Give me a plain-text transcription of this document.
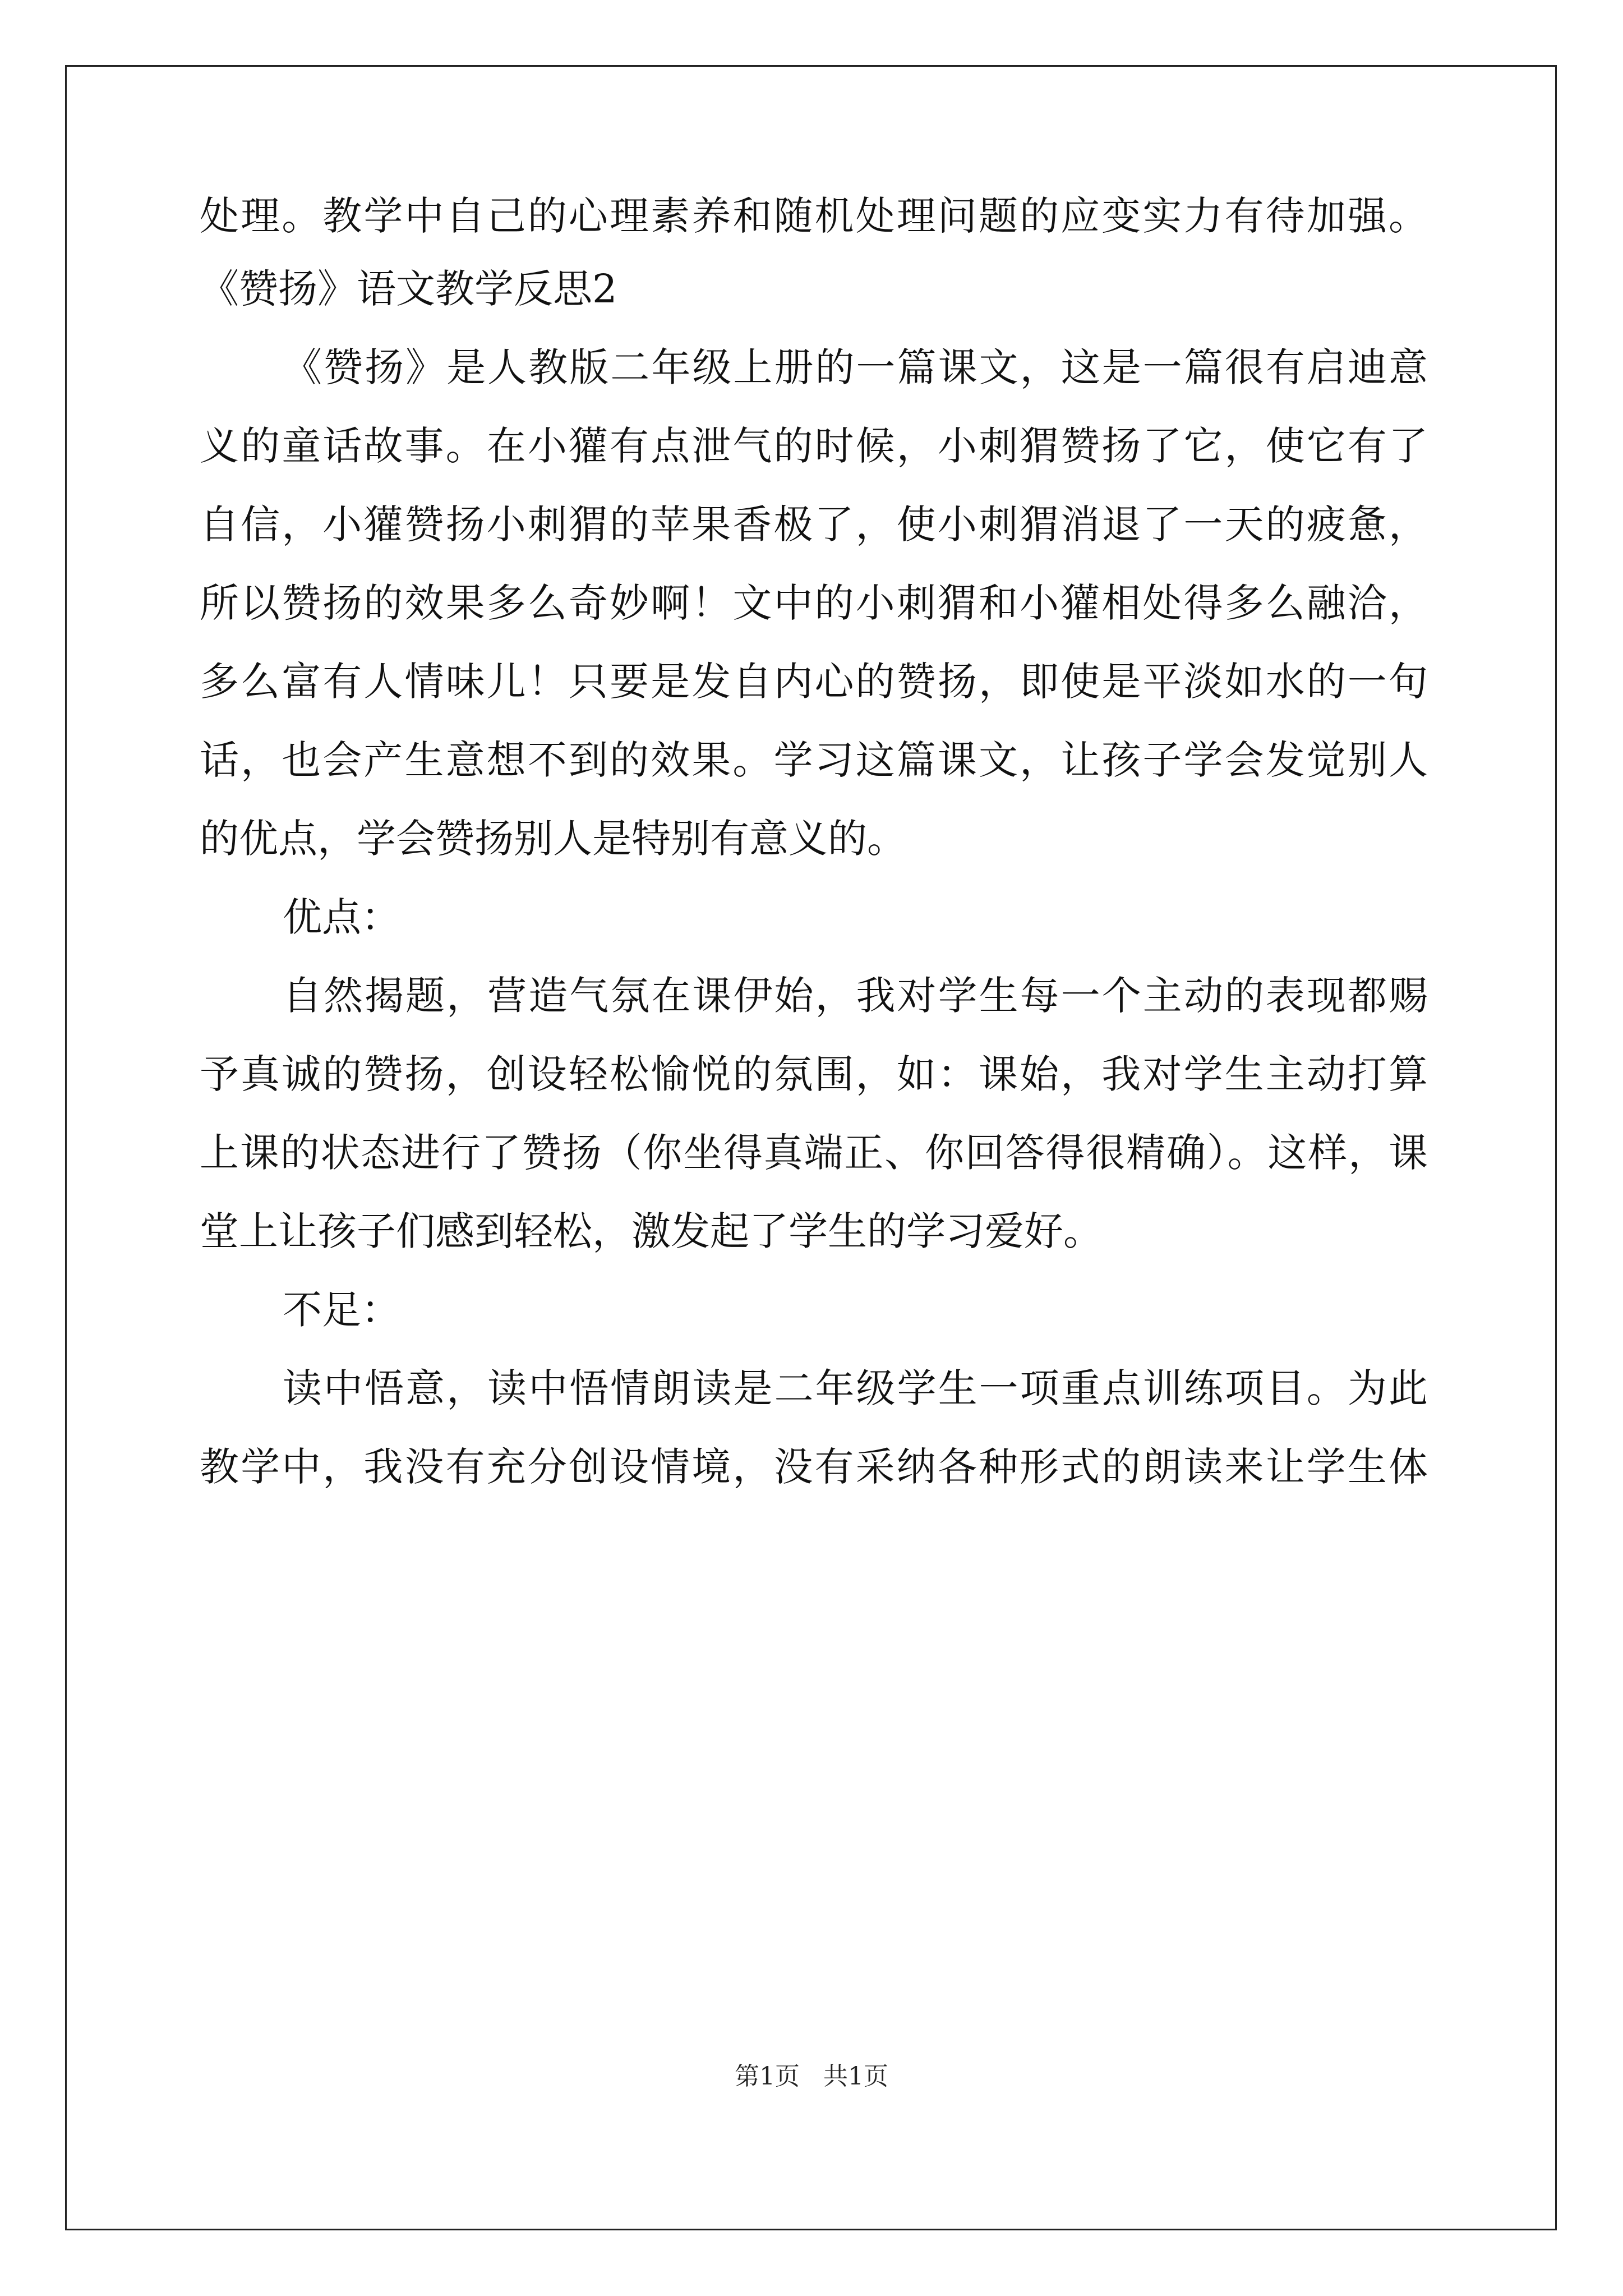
处理。教学中自己的心理素养和随机处理问题的应变实力有待加强。
《赞扬》语文教学反思2
《赞扬》是人教版二年级上册的一篇课文，这是一篇很有启迪意
义的童话故事。在小獾有点泄气的时候，小刺猬赞扬了它，使它有了
自信，小獾赞扬小刺猬的苹果香极了，使小刺猬消退了一天的疲惫，
所以赞扬的效果多么奇妙啊！文中的小刺猬和小獾相处得多么融洽，
多么富有人情味儿！只要是发自内心的赞扬，即使是平淡如水的一句
话，也会产生意想不到的效果。学习这篇课文，让孩子学会发觉别人
的优点，学会赞扬别人是特别有意义的。
优点：
自然揭题，营造气氛在课伊始，我对学生每一个主动的表现都赐
予真诚的赞扬，创设轻松愉悦的氛围，如：课始，我对学生主动打算
上课的状态进行了赞扬（你坐得真端正、你回答得很精确）。这样，课
堂上让孩子们感到轻松，激发起了学生的学习爱好。
不足：
读中悟意，读中悟情朗读是二年级学生一项重点训练项目。为此
教学中，我没有充分创设情境，没有采纳各种形式的朗读来让学生体
第1页   共1页
